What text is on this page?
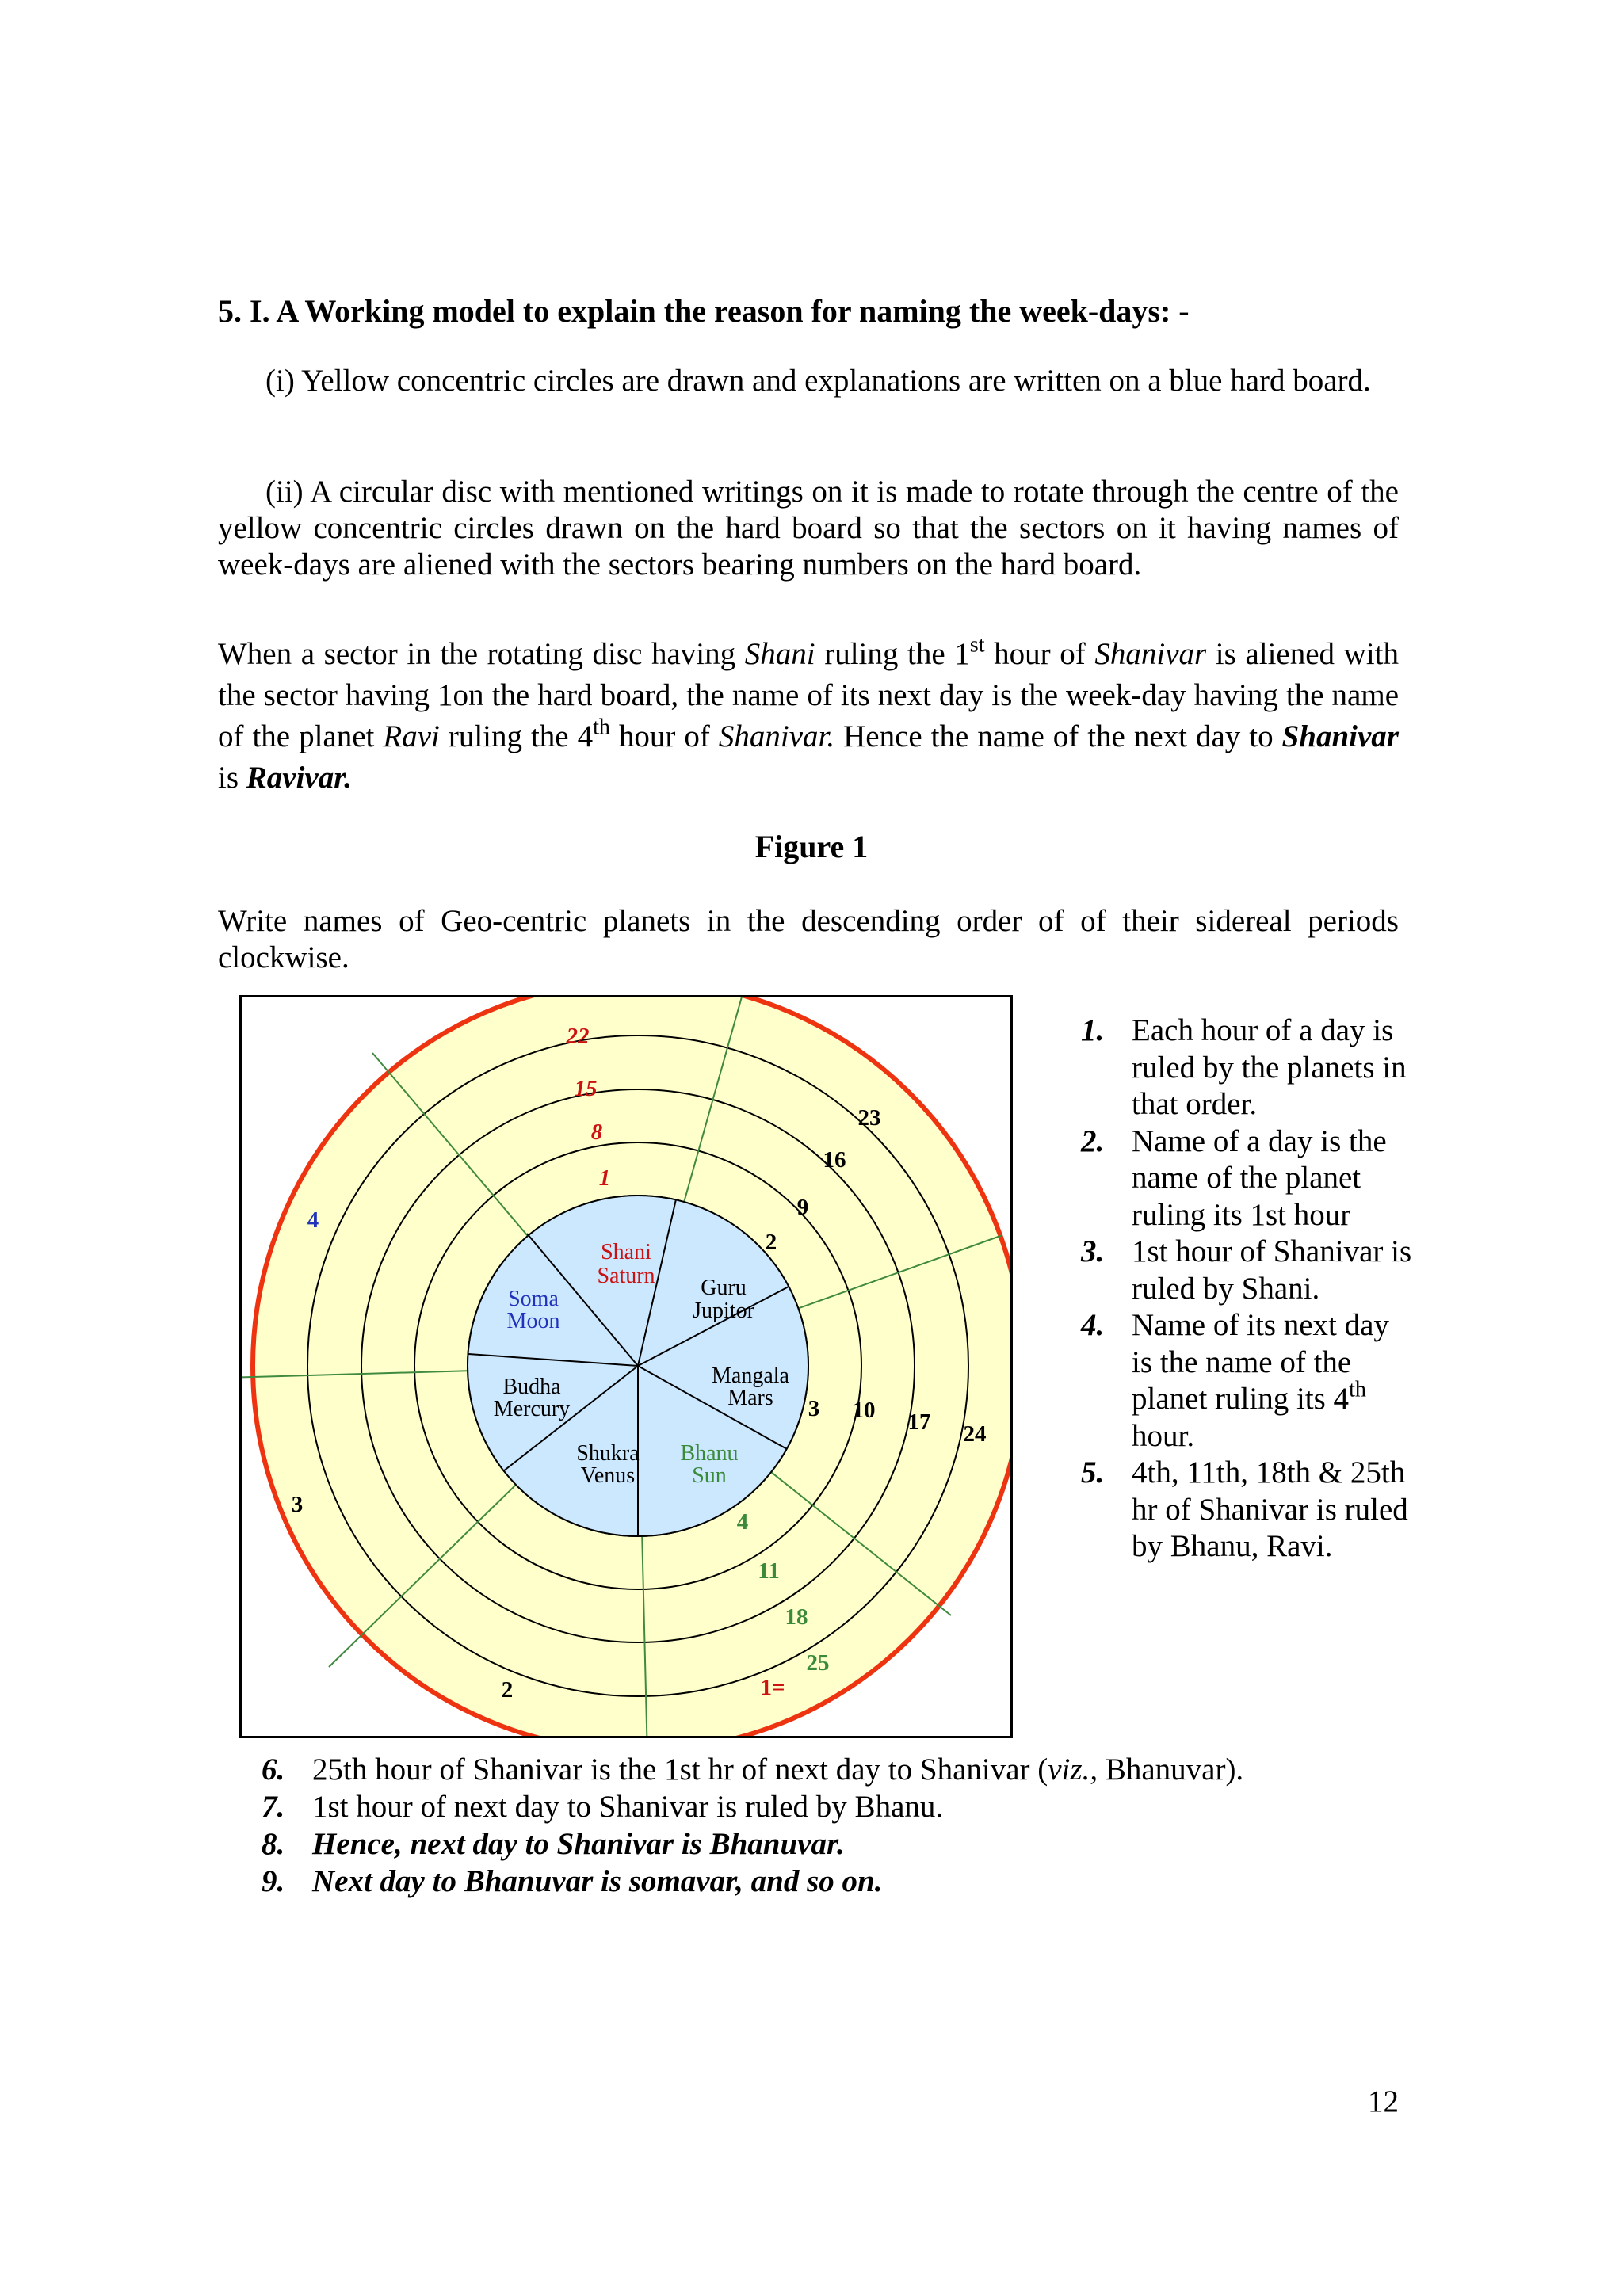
5. I. A Working model to explain the reason for naming the week-days: -
(i) Yellow concentric circles are drawn and explanations are written on a blue hard board.
(ii) A circular disc with mentioned writings on it is made to rotate through the centre of the yellow concentric circles drawn on the hard board so that the sectors on it having names of week-days are aliened with the sectors bearing numbers on the hard board.
When a sector in the rotating disc having Shani ruling the 1st hour of Shanivar is aliened with the sector having 1on the hard board, the name of its next day is the week-day having the name of the planet Ravi ruling the 4th hour of Shanivar. Hence the name of the next day to Shanivar is Ravivar.
Figure 1
Write names of Geo-centric planets in the descending order of of their sidereal periods clockwise.
Shani
Saturn Guru
Jupitor
Mangala
Mars
Bhanu
Sun
Shukra
Venus
Budha
Mercury
Soma
Moon
22
15
8
1
23
16
9
2
4
3 10 17 24
4
11
18
25
1=
2
3
1. Each hour of a day is ruled by the planets in that order.
2. Name of a day is the name of the planet ruling its 1st hour
3. 1st hour of Shanivar is ruled by Shani.
4. Name of its next day is the name of the planet ruling its 4th hour.
5. 4th, 11th, 18th & 25th hr of Shanivar is ruled by Bhanu, Ravi.
6. 25th hour of Shanivar is the 1st hr of next day to Shanivar (viz., Bhanuvar).
7. 1st hour of next day to Shanivar is ruled by Bhanu.
8. Hence, next day to Shanivar is Bhanuvar.
9. Next day to Bhanuvar is somavar, and so on.
12
